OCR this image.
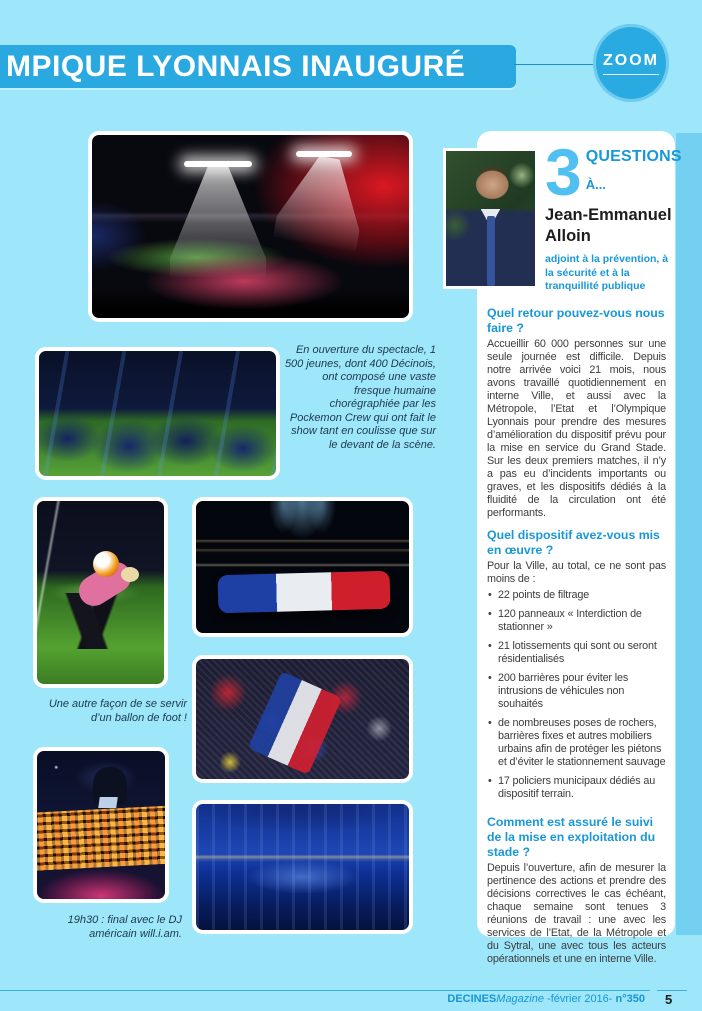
MPIQUE LYONNAIS INAUGURÉ	ZOOM
En ouverture du spectacle, 1 500 jeunes, dont 400 Décinois, ont composé une vaste fresque humaine chorégraphiée par les Pockemon Crew qui ont fait le show tant en coulisse que sur le devant de la scène.
Une autre façon de se servir d’un ballon de foot !
19h30 : final avec le DJ américain will.i.am.
3 QUESTIONS
À...
Jean-Emmanuel Alloin
adjoint à la prévention, à la sécurité et à la tranquillité publique
Quel retour pouvez-vous nous faire ?
Accueillir 60 000 personnes sur une seule journée est difficile. Depuis notre arrivée voici 21 mois, nous avons travaillé quotidiennement en interne Ville, et aussi avec la Métropole, l’Etat et l’Olympique Lyonnais pour prendre des mesures d’amélioration du dispositif prévu pour la mise en service du Grand Stade. Sur les deux premiers matches, il n’y a pas eu d’incidents importants ou graves, et les dispositifs dédiés à la fluidité de la circulation ont été performants.
Quel dispositif avez-vous mis en œuvre ?
Pour la Ville, au total, ce ne sont pas moins de :
• 22 points de filtrage
• 120 panneaux « Interdiction de stationner »
• 21 lotissements qui sont ou seront résidentialisés
• 200 barrières pour éviter les intrusions de véhicules non souhaités
• de nombreuses poses de rochers, barrières fixes et autres mobiliers urbains afin de protéger les piétons et d’éviter le stationnement sauvage
• 17 policiers municipaux dédiés au dispositif terrain.
Comment est assuré le suivi de la mise en exploitation du stade ?
Depuis l’ouverture, afin de mesurer la pertinence des actions et prendre des décisions correctives le cas échéant, chaque semaine sont tenues 3 réunions de travail : une avec les services de l’Etat, de la Métropole et du Sytral, une avec tous les acteurs opérationnels et une en interne Ville.
DECINESMagazine -février 2016- n°350 5
